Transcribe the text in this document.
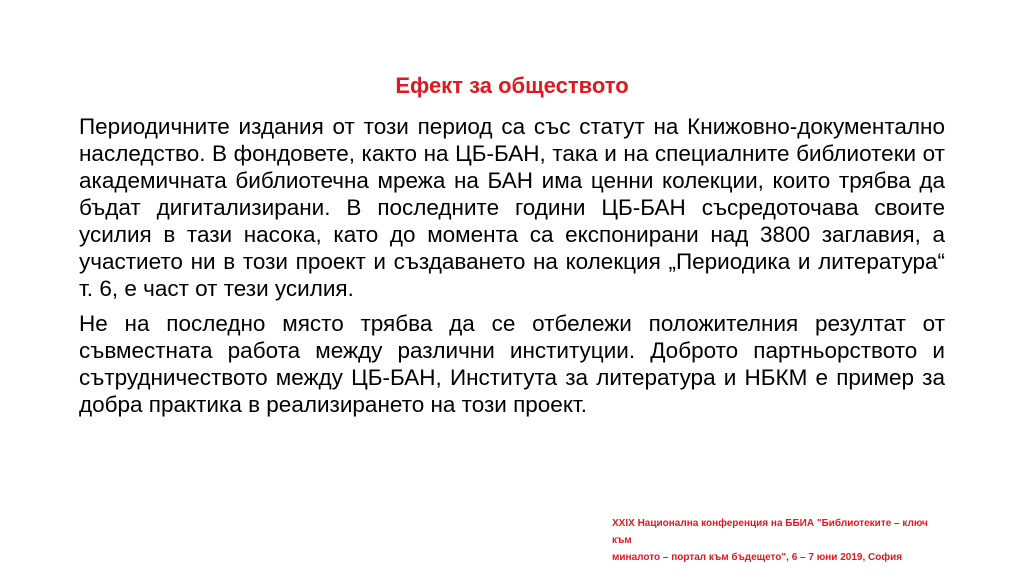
Ефект за обществото

Периодичните издания от този период са със статут на Книжовно-документално наследство. В фондовете, както на ЦБ-БАН, така и на специалните библиотеки от академичната библиотечна мрежа на БАН има ценни колекции, които трябва да бъдат дигитализирани. В последните години ЦБ-БАН съсредоточава своите усилия в тази насока, като до момента са експонирани над 3800 заглавия, а участието ни в този проект и създаването на колекция „Периодика и литература“ т. 6, е част от тези усилия.

Не на последно място трябва да се отбележи положителния резултат от съвместната работа между различни институции. Доброто партньорството и сътрудничеството между ЦБ-БАН, Института за литература и НБКМ е пример за добра практика в реализирането на този проект.

XXIX Национална конференция на ББИА "Библиотеките – ключ към
миналото – портал към бъдещето", 6 – 7 юни 2019, София
